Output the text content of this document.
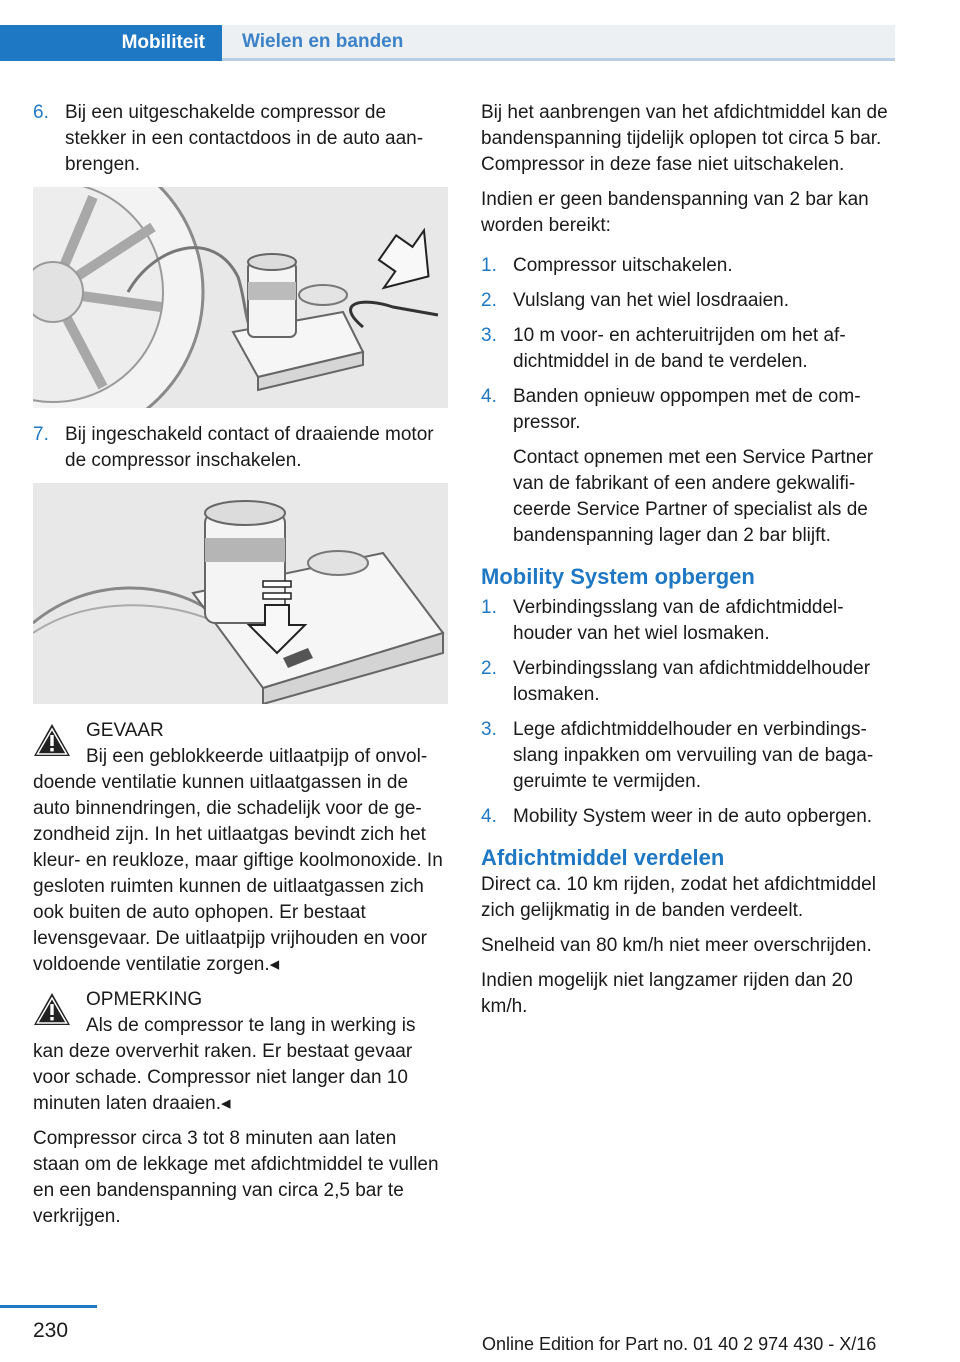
Mobiliteit	Wielen en banden
6. Bij een uitgeschakelde compressor de stekker in een contactdoos in de auto aanbrengen.
7. Bij ingeschakeld contact of draaiende motor de compressor inschakelen.
GEVAAR
Bij een geblokkeerde uitlaatpijp of onvoldoende ventilatie kunnen uitlaatgassen in de auto binnendringen, die schadelijk voor de gezondheid zijn. In het uitlaatgas bevindt zich het kleur- en reukloze, maar giftige koolmonoxide. In gesloten ruimten kunnen de uitlaatgassen zich ook buiten de auto ophopen. Er bestaat levensgevaar. De uitlaatpijp vrijhouden en voor voldoende ventilatie zorgen.◂
OPMERKING
Als de compressor te lang in werking is kan deze oververhit raken. Er bestaat gevaar voor schade. Compressor niet langer dan 10 minuten laten draaien.◂
Compressor circa 3 tot 8 minuten aan laten staan om de lekkage met afdichtmiddel te vullen en een bandenspanning van circa 2,5 bar te verkrijgen.
Bij het aanbrengen van het afdichtmiddel kan de bandenspanning tijdelijk oplopen tot circa 5 bar. Compressor in deze fase niet uitschakelen.
Indien er geen bandenspanning van 2 bar kan worden bereikt:
1. Compressor uitschakelen.
2. Vulslang van het wiel losdraaien.
3. 10 m voor- en achteruitrijden om het afdichtmiddel in de band te verdelen.
4. Banden opnieuw oppompen met de compressor.
Contact opnemen met een Service Partner van de fabrikant of een andere gekwalificeerde Service Partner of specialist als de bandenspanning lager dan 2 bar blijft.
Mobility System opbergen
1. Verbindingsslang van de afdichtmiddelhouder van het wiel losmaken.
2. Verbindingsslang van afdichtmiddelhouder losmaken.
3. Lege afdichtmiddelhouder en verbindingsslang inpakken om vervuiling van de bagageruimte te vermijden.
4. Mobility System weer in de auto opbergen.
Afdichtmiddel verdelen
Direct ca. 10 km rijden, zodat het afdichtmiddel zich gelijkmatig in de banden verdeelt.
Snelheid van 80 km/h niet meer overschrijden.
Indien mogelijk niet langzamer rijden dan 20 km/h.
230
Online Edition for Part no. 01 40 2 974 430 - X/16
